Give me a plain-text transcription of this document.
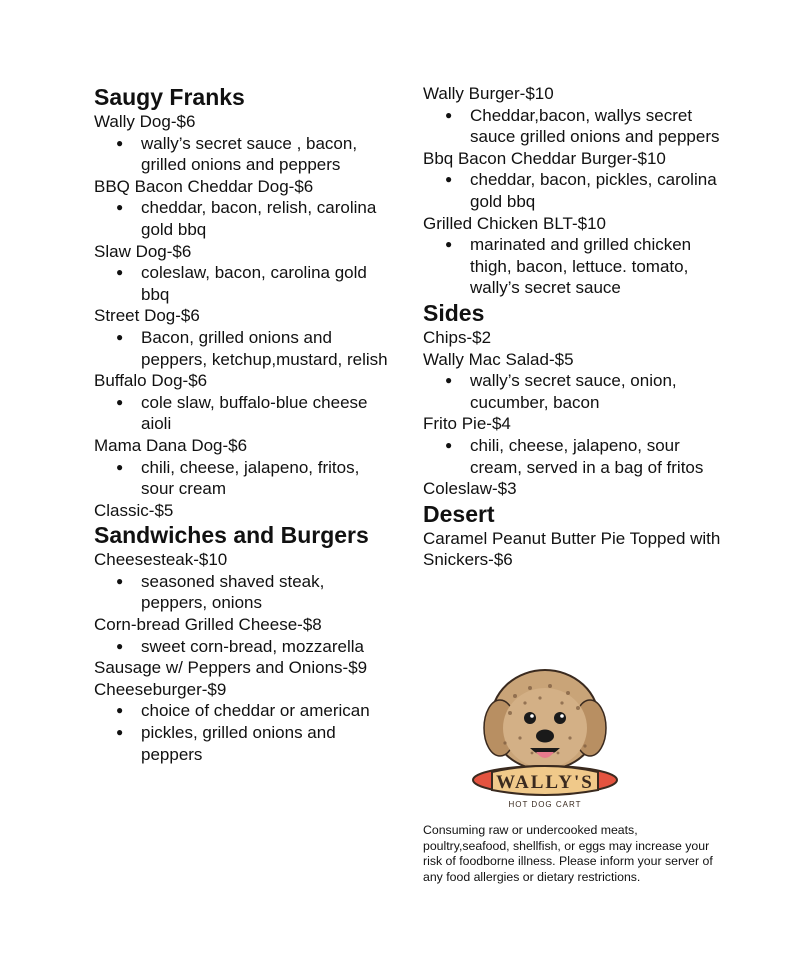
Saugy Franks
Wally Dog-$6
● wally’s secret sauce , bacon, grilled onions and peppers
BBQ Bacon Cheddar Dog-$6
● cheddar, bacon, relish, carolina gold bbq
Slaw Dog-$6
● coleslaw, bacon, carolina gold bbq
Street Dog-$6
● Bacon, grilled onions and peppers, ketchup,mustard, relish
Buffalo Dog-$6
● cole slaw, buffalo-blue cheese aioli
Mama Dana Dog-$6
● chili, cheese, jalapeno, fritos, sour cream
Classic-$5
Sandwiches and Burgers
Cheesesteak-$10
● seasoned shaved steak, peppers, onions
Corn-bread Grilled Cheese-$8
● sweet corn-bread, mozzarella
Sausage w/ Peppers and Onions-$9
Cheeseburger-$9
● choice of cheddar or american
● pickles, grilled onions and peppers
Wally Burger-$10
● Cheddar,bacon, wallys secret sauce grilled onions and peppers
Bbq Bacon Cheddar Burger-$10
● cheddar, bacon, pickles, carolina gold bbq
Grilled Chicken BLT-$10
● marinated and grilled chicken thigh, bacon, lettuce. tomato, wally’s secret sauce
Sides
Chips-$2
Wally Mac Salad-$5
● wally’s secret sauce, onion, cucumber, bacon
Frito Pie-$4
● chili, cheese, jalapeno, sour cream, served in a bag of fritos
Coleslaw-$3
Desert
Caramel Peanut Butter Pie Topped with Snickers-$6
WALLY'S
HOT DOG CART
Consuming raw or undercooked meats, poultry,seafood, shellfish, or eggs may increase your risk of foodborne illness. Please inform your server of any food allergies or dietary restrictions.
